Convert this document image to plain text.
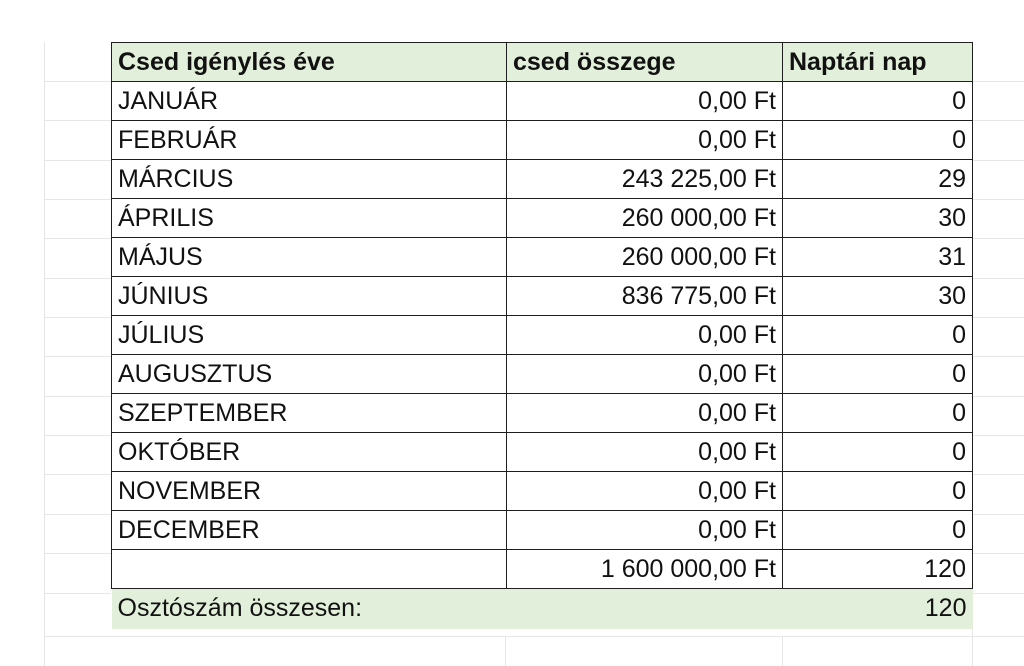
Csed igénylés éve	csed összege	Naptári nap
JANUÁR	0,00 Ft	0
FEBRUÁR	0,00 Ft	0
MÁRCIUS	243 225,00 Ft	29
ÁPRILIS	260 000,00 Ft	30
MÁJUS	260 000,00 Ft	31
JÚNIUS	836 775,00 Ft	30
JÚLIUS	0,00 Ft	0
AUGUSZTUS	0,00 Ft	0
SZEPTEMBER	0,00 Ft	0
OKTÓBER	0,00 Ft	0
NOVEMBER	0,00 Ft	0
DECEMBER	0,00 Ft	0
	1 600 000,00 Ft	120
Osztószám összesen:		120
